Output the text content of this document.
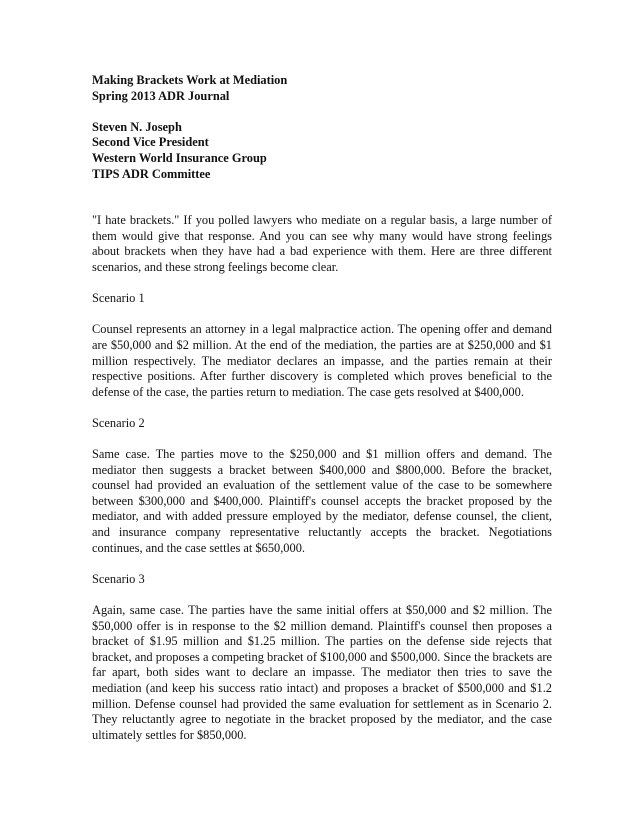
Making Brackets Work at Mediation
Spring 2013 ADR Journal
Steven N. Joseph
Second Vice President
Western World Insurance Group
TIPS ADR Committee

"I hate brackets." If you polled lawyers who mediate on a regular basis, a large number of them would give that response. And you can see why many would have strong feelings about brackets when they have had a bad experience with them. Here are three different scenarios, and these strong feelings become clear.

Scenario 1

Counsel represents an attorney in a legal malpractice action. The opening offer and demand are $50,000 and $2 million. At the end of the mediation, the parties are at $250,000 and $1 million respectively. The mediator declares an impasse, and the parties remain at their respective positions. After further discovery is completed which proves beneficial to the defense of the case, the parties return to mediation. The case gets resolved at $400,000.

Scenario 2

Same case. The parties move to the $250,000 and $1 million offers and demand. The mediator then suggests a bracket between $400,000 and $800,000. Before the bracket, counsel had provided an evaluation of the settlement value of the case to be somewhere between $300,000 and $400,000. Plaintiff's counsel accepts the bracket proposed by the mediator, and with added pressure employed by the mediator, defense counsel, the client, and insurance company representative reluctantly accepts the bracket. Negotiations continues, and the case settles at $650,000.

Scenario 3

Again, same case. The parties have the same initial offers at $50,000 and $2 million. The $50,000 offer is in response to the $2 million demand. Plaintiff's counsel then proposes a bracket of $1.95 million and $1.25 million. The parties on the defense side rejects that bracket, and proposes a competing bracket of $100,000 and $500,000. Since the brackets are far apart, both sides want to declare an impasse. The mediator then tries to save the mediation (and keep his success ratio intact) and proposes a bracket of $500,000 and $1.2 million. Defense counsel had provided the same evaluation for settlement as in Scenario 2. They reluctantly agree to negotiate in the bracket proposed by the mediator, and the case ultimately settles for $850,000.
